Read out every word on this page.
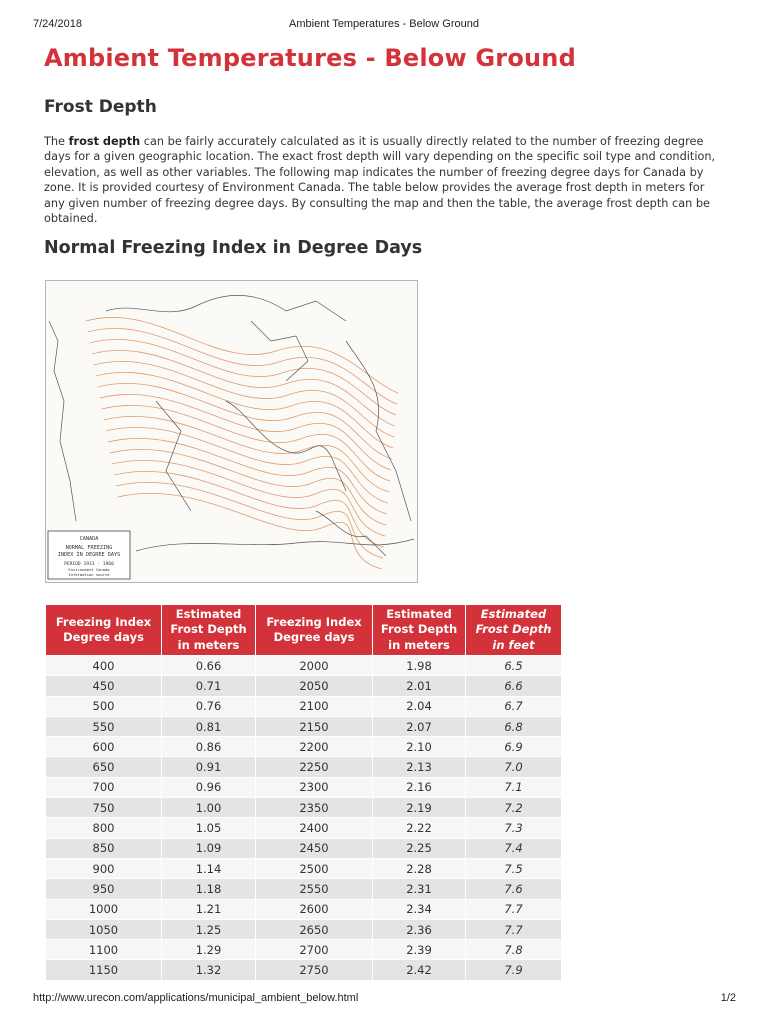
7/24/2018	Ambient Temperatures - Below Ground
Ambient Temperatures - Below Ground
Frost Depth

The frost depth can be fairly accurately calculated as it is usually directly related to the number of freezing degree days for a given geographic location. The exact frost depth will vary depending on the specific soil type and condition, elevation, as well as other variables. The following map indicates the number of freezing degree days for Canada by zone. It is provided courtesy of Environment Canada. The table below provides the average frost depth in meters for any given number of freezing degree days. By consulting the map and then the table, the average frost depth can be obtained.

Normal Freezing Index in Degree Days
CANADA
NORMAL FREEZING
INDEX IN DEGREE DAYS
PERIOD 1931 - 1960
Environment Canada
Information source
Freezing Index
Degree days	Estimated
Frost Depth
in meters	Freezing Index
Degree days	Estimated
Frost Depth
in meters	Estimated
Frost Depth
in feet
400	0.66	2000	1.98	6.5
450	0.71	2050	2.01	6.6
500	0.76	2100	2.04	6.7
550	0.81	2150	2.07	6.8
600	0.86	2200	2.10	6.9
650	0.91	2250	2.13	7.0
700	0.96	2300	2.16	7.1
750	1.00	2350	2.19	7.2
800	1.05	2400	2.22	7.3
850	1.09	2450	2.25	7.4
900	1.14	2500	2.28	7.5
950	1.18	2550	2.31	7.6
1000	1.21	2600	2.34	7.7
1050	1.25	2650	2.36	7.7
1100	1.29	2700	2.39	7.8
1150	1.32	2750	2.42	7.9
http://www.urecon.com/applications/municipal_ambient_below.html	1/2
